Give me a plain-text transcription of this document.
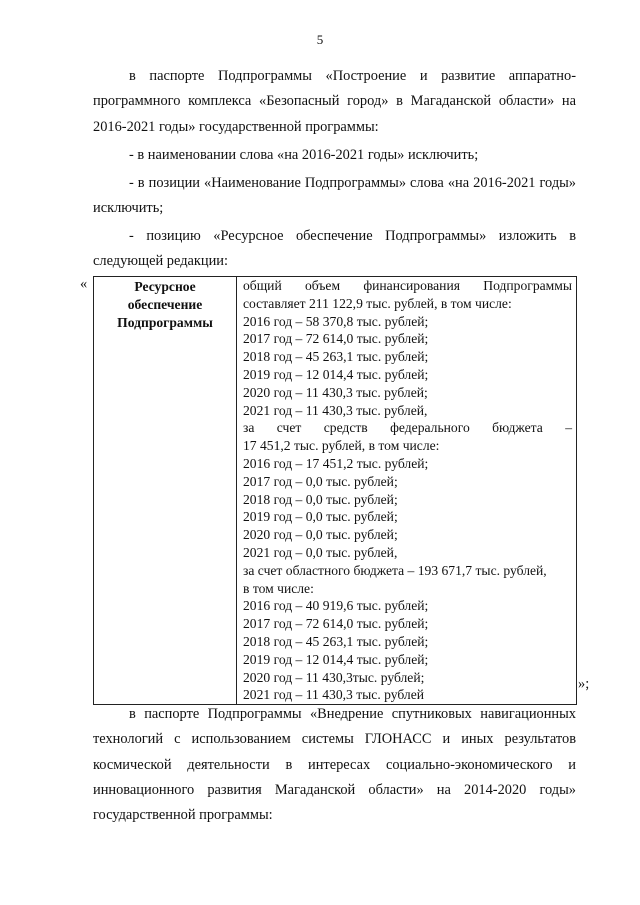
5

в паспорте Подпрограммы «Построение и развитие аппаратно-программного комплекса «Безопасный город» в Магаданской области» на 2016-2021 годы» государственной программы:

- в наименовании слова «на 2016-2021 годы» исключить;

- в позиции «Наименование Подпрограммы» слова «на 2016-2021 годы» исключить;

- позицию «Ресурсное обеспечение Подпрограммы» изложить в следующей редакции:

«	Ресурсное
обеспечение
Подпрограммы

общий объем финансирования Подпрограммы
составляет 211 122,9 тыс. рублей, в том числе:
2016 год – 58 370,8 тыс. рублей;
2017 год – 72 614,0 тыс. рублей;
2018 год – 45 263,1 тыс. рублей;
2019 год – 12 014,4 тыс. рублей;
2020 год – 11 430,3 тыс. рублей;
2021 год – 11 430,3 тыс. рублей,
за счет средств федерального бюджета –
17 451,2 тыс. рублей, в том числе:
2016 год – 17 451,2 тыс. рублей;
2017 год – 0,0 тыс. рублей;
2018 год – 0,0 тыс. рублей;
2019 год – 0,0 тыс. рублей;
2020 год – 0,0 тыс. рублей;
2021 год – 0,0 тыс. рублей,
за счет областного бюджета – 193 671,7 тыс. рублей,
в том числе:
2016 год – 40 919,6 тыс. рублей;
2017 год – 72 614,0 тыс. рублей;
2018 год – 45 263,1 тыс. рублей;
2019 год – 12 014,4 тыс. рублей;
2020 год – 11 430,3тыс. рублей;
2021 год – 11 430,3 тыс. рублей
»;

в паспорте Подпрограммы «Внедрение спутниковых навигационных технологий с использованием системы ГЛОНАСС и иных результатов космической деятельности в интересах социально-экономического и инновационного развития Магаданской области» на 2014-2020 годы» государственной программы:
